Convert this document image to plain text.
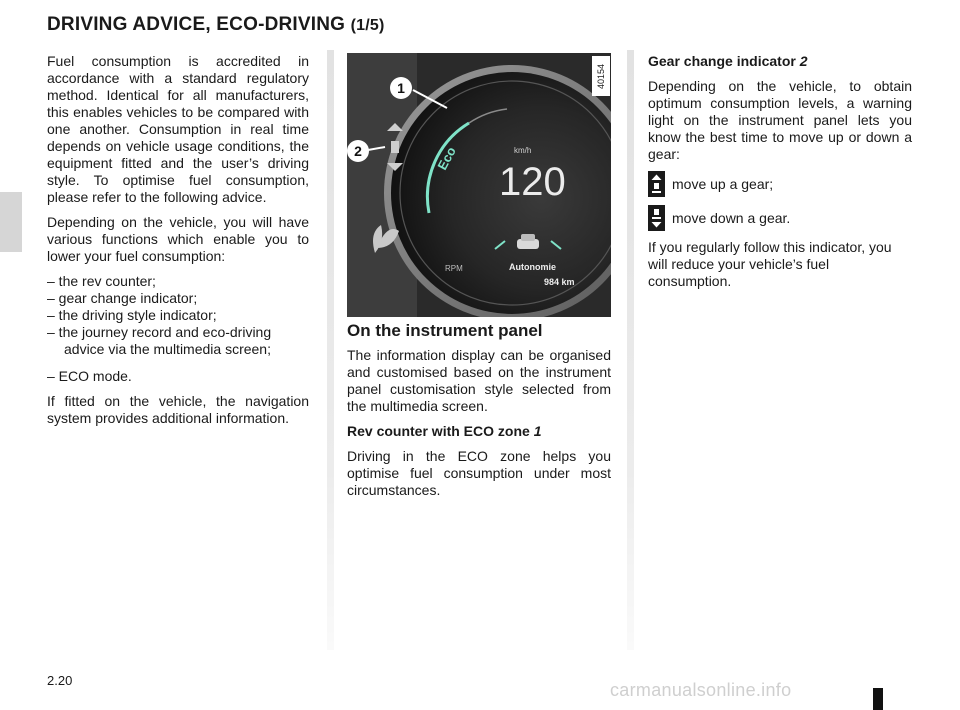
DRIVING ADVICE, ECO-DRIVING (1/5)

Fuel consumption is accredited in accordance with a standard regulatory method. Identical for all manufacturers, this enables vehicles to be compared with one another. Consumption in real time depends on vehicle usage conditions, the equipment fitted and the user’s driving style. To optimise fuel consumption, please refer to the following advice.

Depending on the vehicle, you will have various functions which enable you to lower your fuel consumption:

– the rev counter;
– gear change indicator;
– the driving style indicator;
– the journey record and eco-driving advice via the multimedia screen;
– ECO mode.

If fitted on the vehicle, the navigation system provides additional information.

Eco	km/h
120
RPM	Autonomie
984 km
1
2
40154
On the instrument panel

The information display can be organised and customised based on the instrument panel customisation style selected from the multimedia screen.

Rev counter with ECO zone 1

Driving in the ECO zone helps you optimise fuel consumption under most circumstances.

Gear change indicator 2

Depending on the vehicle, to obtain optimum consumption levels, a warning light on the instrument panel lets you know the best time to move up or down a gear:

move up a gear;
move down a gear.

If you regularly follow this indicator, you will reduce your vehicle’s fuel consumption.

2.20	carmanualsonline.info
